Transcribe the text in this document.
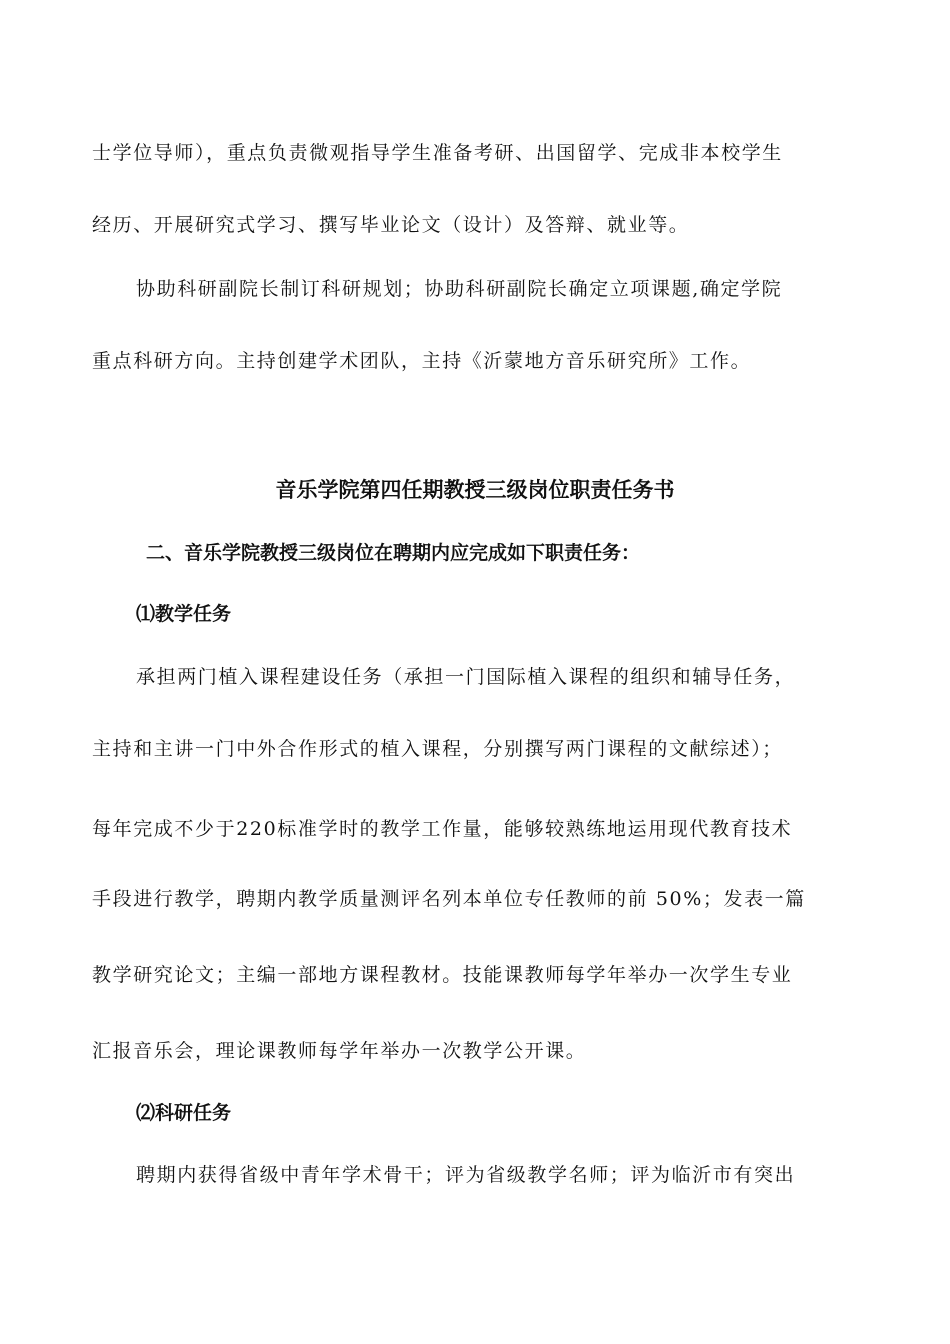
士学位导师），重点负责微观指导学生准备考研、出国留学、完成非本校学生
经历、开展研究式学习、撰写毕业论文（设计）及答辩、就业等。
协助科研副院长制订科研规划；协助科研副院长确定立项课题,确定学院
重点科研方向。主持创建学术团队，主持《沂蒙地方音乐研究所》工作。
音乐学院第四任期教授三级岗位职责任务书
二、音乐学院教授三级岗位在聘期内应完成如下职责任务：
⑴教学任务
承担两门植入课程建设任务（承担一门国际植入课程的组织和辅导任务，
主持和主讲一门中外合作形式的植入课程，分别撰写两门课程的文献综述）；
每年完成不少于220标准学时的教学工作量，能够较熟练地运用现代教育技术
手段进行教学，聘期内教学质量测评名列本单位专任教师的前 50%；发表一篇
教学研究论文；主编一部地方课程教材。技能课教师每学年举办一次学生专业
汇报音乐会，理论课教师每学年举办一次教学公开课。
⑵科研任务
聘期内获得省级中青年学术骨干；评为省级教学名师；评为临沂市有突出
